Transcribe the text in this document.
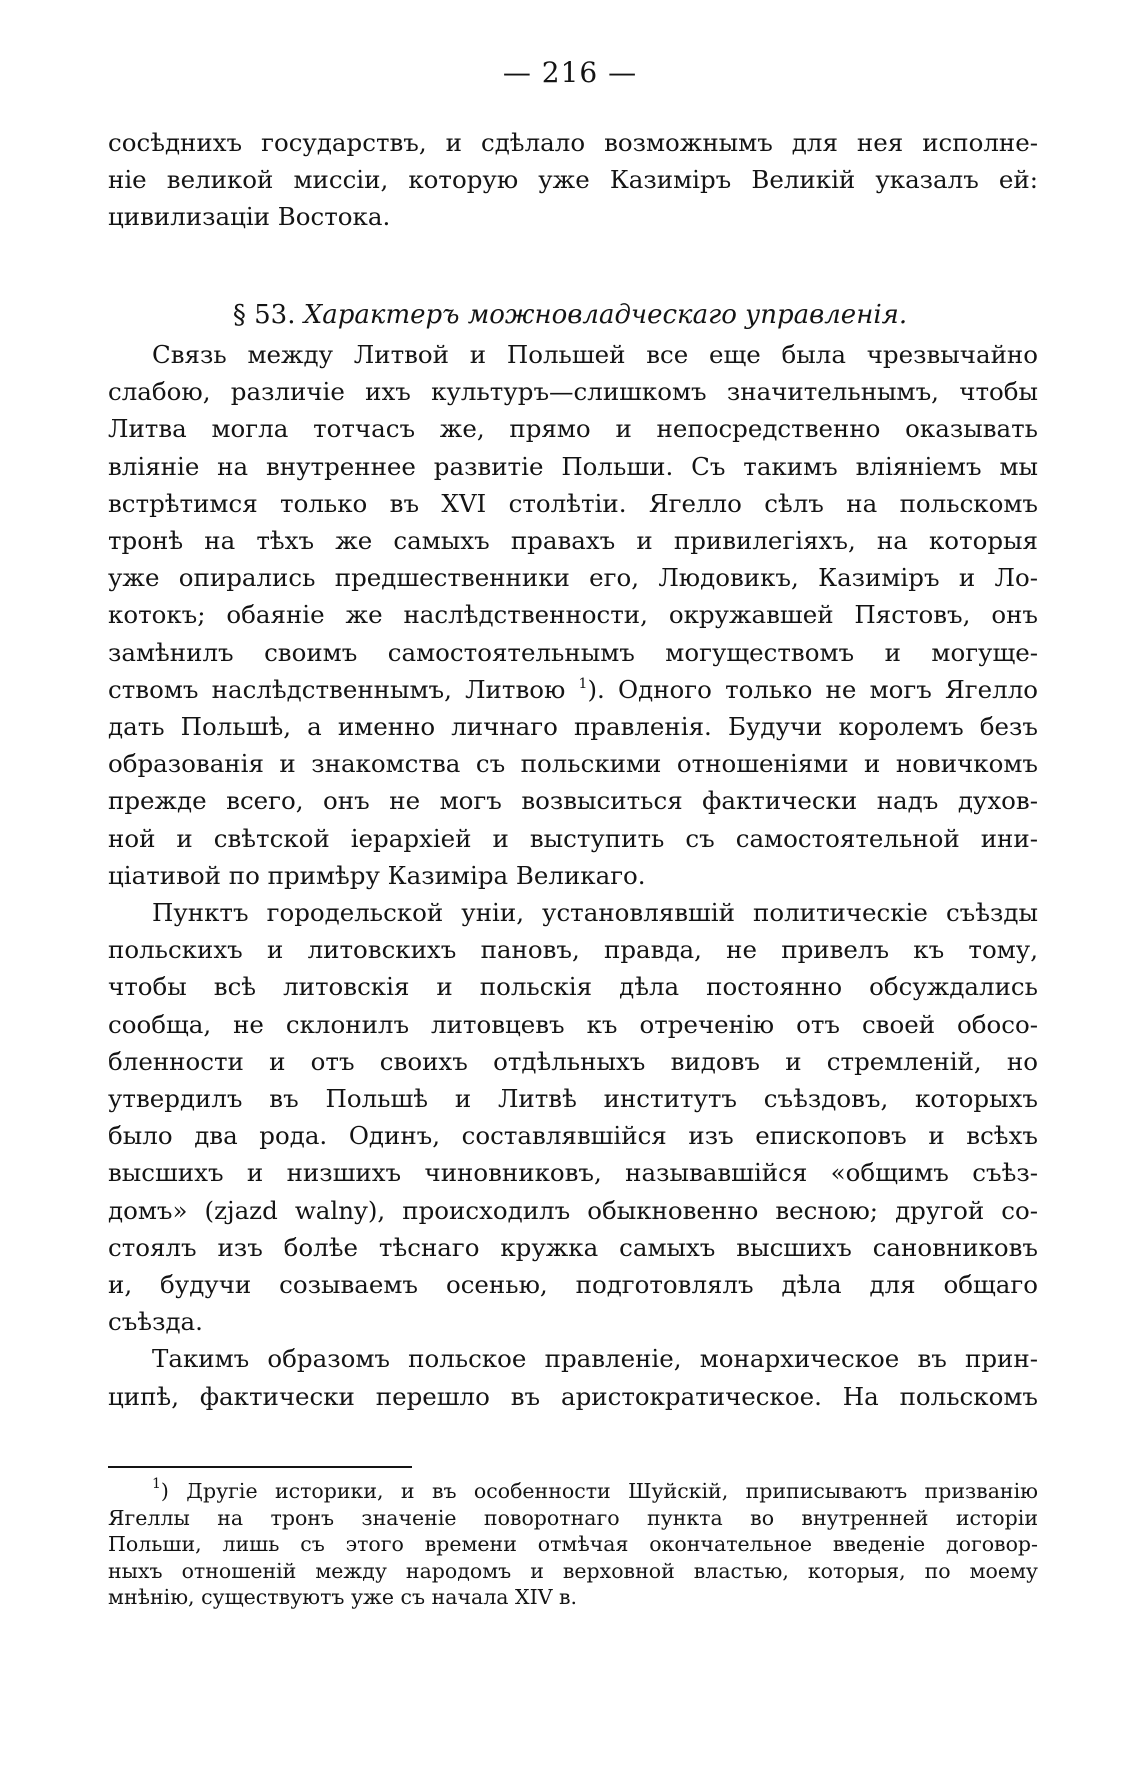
— 216 —
сосѣднихъ государствъ, и сдѣлало возможнымъ для нея исполне-
ніе великой миссіи, которую уже Казиміръ Великій указалъ ей:
цивилизаціи Востока.
§ 53. Характеръ можновладческаго управленія.
Связь между Литвой и Польшей все еще была чрезвычайно
слабою, различіе ихъ культуръ—слишкомъ значительнымъ, чтобы
Литва могла тотчасъ же, прямо и непосредственно оказывать
вліяніе на внутреннее развитіе Польши. Съ такимъ вліяніемъ мы
встрѣтимся только въ XVI столѣтіи. Ягелло сѣлъ на польскомъ
тронѣ на тѣхъ же самыхъ правахъ и привилегіяхъ, на которыя
уже опирались предшественники его, Людовикъ, Казиміръ и Ло-
котокъ; обаяніе же наслѣдственности, окружавшей Пястовъ, онъ
замѣнилъ своимъ самостоятельнымъ могуществомъ и могуще-
ствомъ наслѣдственнымъ, Литвою $^1$). Одного только не могъ Ягелло
дать Польшѣ, а именно личнаго правленія. Будучи королемъ безъ
образованія и знакомства съ польскими отношеніями и новичкомъ
прежде всего, онъ не могъ возвыситься фактически надъ духов-
ной и свѣтской іерархіей и выступить съ самостоятельной ини-
ціативой по примѣру Казиміра Великаго.
Пунктъ городельской уніи, установлявшій политическіе съѣзды
польскихъ и литовскихъ пановъ, правда, не привелъ къ тому,
чтобы всѣ литовскія и польскія дѣла постоянно обсуждались
сообща, не склонилъ литовцевъ къ отреченію отъ своей обосо-
бленности и отъ своихъ отдѣльныхъ видовъ и стремленій, но
утвердилъ въ Польшѣ и Литвѣ институтъ съѣздовъ, которыхъ
было два рода. Одинъ, составлявшійся изъ епископовъ и всѣхъ
высшихъ и низшихъ чиновниковъ, называвшійся «общимъ съѣз-
домъ» (zjazd walny), происходилъ обыкновенно весною; другой со-
стоялъ изъ болѣе тѣснаго кружка самыхъ высшихъ сановниковъ
и, будучи созываемъ осенью, подготовлялъ дѣла для общаго
съѣзда.
Такимъ образомъ польское правленіе, монархическое въ прин-
ципѣ, фактически перешло въ аристократическое. На польскомъ
$^1$) Другіе историки, и въ особенности Шуйскій, приписываютъ призванію
Ягеллы на тронъ значеніе поворотнаго пункта во внутренней исторіи
Польши, лишь съ этого времени отмѣчая окончательное введеніе договор-
ныхъ отношеній между народомъ и верховной властью, которыя, по моему
мнѣнію, существуютъ уже съ начала XIV в.
